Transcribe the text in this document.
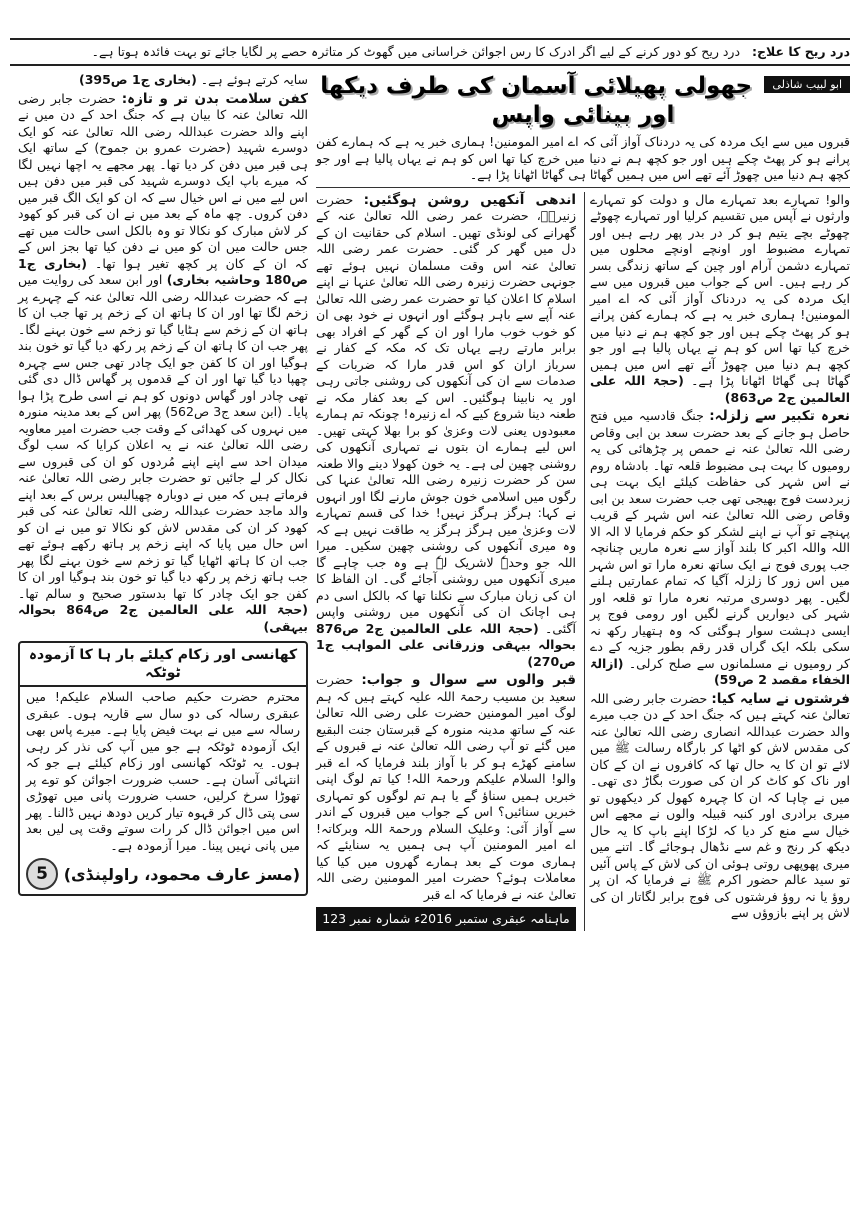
درد ریح کا علاج: درد ریح کو دور کرنے کے لیے اگر ادرک کا رس اجوائن خراسانی میں گھوٹ کر متاثرہ حصے پر لگایا جائے تو بہت فائدہ ہوتا ہے۔

سایہ کرتے ہوئے ہے۔ (بخاری ج1 ص395)

کفن سلامت بدن تر و تازہ: حضرت جابر رضی اللہ تعالیٰ عنہ کا بیان ہے کہ جنگ احد کے دن میں نے اپنے والد حضرت عبداللہ رضی اللہ تعالیٰ عنہ کو ایک دوسرے شہید (حضرت عمرو بن جموح) کے ساتھ ایک ہی قبر میں دفن کر دیا تھا۔ پھر مجھے یہ اچھا نہیں لگا کہ میرے باپ ایک دوسرے شہید کی قبر میں دفن ہیں اس لیے میں نے اس خیال سے کہ ان کو ایک الگ قبر میں دفن کروں۔ چھ ماہ کے بعد میں نے ان کی قبر کو کھود کر لاش مبارک کو نکالا تو وہ بالکل اسی حالت میں تھے جس حالت میں ان کو میں نے دفن کیا تھا بجز اس کے کہ ان کے کان پر کچھ تغیر ہوا تھا۔ (بخاری ج1 ص180 وحاشیہ بخاری) اور ابن سعد کی روایت میں ہے کہ حضرت عبداللہ رضی اللہ تعالیٰ عنہ کے چہرے پر زخم لگا تھا اور ان کا ہاتھ ان کے زخم پر تھا جب ان کا ہاتھ ان کے زخم سے ہٹایا گیا تو زخم سے خون بہنے لگا۔ پھر جب ان کا ہاتھ ان کے زخم پر رکھ دیا گیا تو خون بند ہوگیا اور ان کا کفن جو ایک چادر تھی جس سے چہرہ چھپا دیا گیا تھا اور ان کے قدموں پر گھاس ڈال دی گئی تھی چادر اور گھاس دونوں کو ہم نے اسی طرح پڑا ہوا پایا۔ (ابن سعد ج3 ص562) پھر اس کے بعد مدینہ منورہ میں نہروں کی کھدائی کے وقت جب حضرت امیر معاویہ رضی اللہ تعالیٰ عنہ نے یہ اعلان کرایا کہ سب لوگ میدان احد سے اپنے اپنے مُردوں کو ان کی قبروں سے نکال کر لے جائیں تو حضرت جابر رضی اللہ تعالیٰ عنہ فرماتے ہیں کہ میں نے دوبارہ چھیالیس برس کے بعد اپنے والد ماجد حضرت عبداللہ رضی اللہ تعالیٰ عنہ کی قبر کھود کر ان کی مقدس لاش کو نکالا تو میں نے ان کو اس حال میں پایا کہ اپنے زخم پر ہاتھ رکھے ہوئے تھے جب ان کا ہاتھ اٹھایا گیا تو زخم سے خون بہنے لگا پھر جب ہاتھ زخم پر رکھ دیا گیا تو خون بند ہوگیا اور ان کا کفن جو ایک چادر کا تھا بدستور صحیح و سالم تھا۔ (حجۃ اللہ علی العالمین ج2 ص864 بحوالہ بیہقی)

کھانسی اور زکام کیلئے بار ہا کا آزمودہ ٹوٹکہ
محترم حضرت حکیم صاحب السلام علیکم! میں عبقری رسالہ کی دو سال سے قاریہ ہوں۔ عبقری رسالہ سے میں نے بہت فیض پایا ہے۔ میرے پاس بھی ایک آزمودہ ٹوٹکہ ہے جو میں آپ کی نذر کر رہی ہوں۔ یہ ٹوٹکہ کھانسی اور زکام کیلئے ہے جو کہ انتہائی آسان ہے۔ حسب ضرورت اجوائن کو توے پر تھوڑا سرخ کرلیں، حسب ضرورت پانی میں تھوڑی سی پتی ڈال کر قہوہ تیار کریں دودھ نہیں ڈالنا۔ پھر اس میں اجوائن ڈال کر رات سوتے وقت پی لیں بعد میں پانی نہیں پینا۔ میرا آزمودہ ہے۔
(مسز عارف محمود، راولپنڈی)
5
ابو لبیب شاذلی
جھولی پھیلائی آسمان کی طرف دیکھا اور بینائی واپس
قبروں میں سے ایک مردہ کی یہ دردناک آواز آئی کہ اے امیر المومنین! ہماری خبر یہ ہے کہ ہمارے کفن پرانے ہو کر پھٹ چکے ہیں اور جو کچھ ہم نے دنیا میں خرچ کیا تھا اس کو ہم نے یہاں پالیا ہے اور جو کچھ ہم دنیا میں چھوڑ آئے تھے اس میں ہمیں گھاٹا ہی گھاٹا اٹھانا پڑا ہے۔

اندھی آنکھیں روشن ہوگئیں: حضرت زنیرہؓ، حضرت عمر رضی اللہ تعالیٰ عنہ کے گھرانے کی لونڈی تھیں۔ اسلام کی حقانیت ان کے دل میں گھر کر گئی۔ حضرت عمر رضی اللہ تعالیٰ عنہ اس وقت مسلمان نہیں ہوئے تھے جونہی حضرت زنیرہ رضی اللہ تعالیٰ عنہا نے اپنے اسلام کا اعلان کیا تو حضرت عمر رضی اللہ تعالیٰ عنہ آپے سے باہر ہوگئے اور انہوں نے خود بھی ان کو خوب خوب مارا اور ان کے گھر کے افراد بھی برابر مارتے رہے یہاں تک کہ مکہ کے کفار نے سرباز اران کو اس قدر مارا کہ ضربات کے صدمات سے ان کی آنکھوں کی روشنی جاتی رہی اور یہ نابینا ہوگئیں۔ اس کے بعد کفار مکہ نے طعنہ دینا شروع کیے کہ اے زنیرہ! چونکہ تم ہمارے معبودوں یعنی لات وعزیٰ کو برا بھلا کہتی تھیں۔ اس لیے ہمارے ان بتوں نے تمہاری آنکھوں کی روشنی چھین لی ہے۔ یہ خون کھولا دینے والا طعنہ سن کر حضرت زنیرہ رضی اللہ تعالیٰ عنہا کی رگوں میں اسلامی خون جوش مارنے لگا اور انہوں نے کہا: ہرگز ہرگز نہیں! خدا کی قسم تمہارے لات وعزیٰ میں ہرگز ہرگز یہ طاقت نہیں ہے کہ وہ میری آنکھوں کی روشنی چھین سکیں۔ میرا اللہ جو وحدہٗ لاشریک لہٗ ہے وہ جب چاہے گا میری آنکھوں میں روشنی آجائے گی۔ ان الفاظ کا ان کی زبان مبارک سے نکلنا تھا کہ بالکل اسی دم ہی اچانک ان کی آنکھوں میں روشنی واپس آگئی۔ (حجۃ اللہ علی العالمین ج2 ص876 بحوالہ بیہقی وزرقانی علی المواہب ج1 ص270)

قبر والوں سے سوال و جواب: حضرت سعید بن مسیب رحمۃ اللہ علیہ کہتے ہیں کہ ہم لوگ امیر المومنین حضرت علی رضی اللہ تعالیٰ عنہ کے ساتھ مدینہ منورہ کے قبرستان جنت البقیع میں گئے تو آپ رضی اللہ تعالیٰ عنہ نے قبروں کے سامنے کھڑے ہو کر با آواز بلند فرمایا کہ اے قبر والو! السلام علیکم ورحمۃ اللہ! کیا تم لوگ اپنی خبریں ہمیں سناؤ گے یا ہم تم لوگوں کو تمہاری خبریں سنائیں؟ اس کے جواب میں قبروں کے اندر سے آواز آئی: وعلیک السلام ورحمۃ اللہ وبرکاتہ! اے امیر المومنین آپ ہی ہمیں یہ سنایئے کہ ہماری موت کے بعد ہمارے گھروں میں کیا کیا معاملات ہوئے؟ حضرت امیر المومنین رضی اللہ تعالیٰ عنہ نے فرمایا کہ اے قبر

ماہنامہ عبقری ستمبر 2016ء شمارہ نمبر 123

والو! تمہارے بعد تمہارے مال و دولت کو تمہارے وارثوں نے آپس میں تقسیم کرلیا اور تمہارے چھوٹے چھوٹے بچے یتیم ہو کر در بدر پھر رہے ہیں اور تمہارے مضبوط اور اونچے اونچے محلوں میں تمہارے دشمن آرام اور چین کے ساتھ زندگی بسر کر رہے ہیں۔ اس کے جواب میں قبروں میں سے ایک مردہ کی یہ دردناک آواز آئی کہ اے امیر المومنین! ہماری خبر یہ ہے کہ ہمارے کفن پرانے ہو کر پھٹ چکے ہیں اور جو کچھ ہم نے دنیا میں خرچ کیا تھا اس کو ہم نے یہاں پالیا ہے اور جو کچھ ہم دنیا میں چھوڑ آئے تھے اس میں ہمیں گھاٹا ہی گھاٹا اٹھانا پڑا ہے۔ (حجۃ اللہ علی العالمین ج2 ص863)

نعرہ تکبیر سے زلزلہ: جنگ قادسیہ میں فتح حاصل ہو جانے کے بعد حضرت سعد بن ابی وقاص رضی اللہ تعالیٰ عنہ نے حمص پر چڑھائی کی یہ رومیوں کا بہت ہی مضبوط قلعہ تھا۔ بادشاہ روم نے اس شہر کی حفاظت کیلئے ایک بہت ہی زبردست فوج بھیجی تھی جب حضرت سعد بن ابی وقاص رضی اللہ تعالیٰ عنہ اس شہر کے قریب پہنچے تو آپ نے اپنے لشکر کو حکم فرمایا لا الہ الا اللہ واللہ اکبر کا بلند آواز سے نعرہ ماریں چنانچہ جب پوری فوج نے ایک ساتھ نعرہ مارا تو اس شہر میں اس زور کا زلزلہ آگیا کہ تمام عمارتیں ہلنے لگیں۔ پھر دوسری مرتبہ نعرہ مارا تو قلعہ اور شہر کی دیواریں گرنے لگیں اور رومی فوج پر ایسی دہشت سوار ہوگئی کہ وہ ہتھیار رکھ نہ سکی بلکہ ایک گراں قدر رقم بطور جزیہ کے دے کر رومیوں نے مسلمانوں سے صلح کرلی۔ (ازالۃ الخفاء مقصد 2 ص59)

فرشتوں نے سایہ کیا: حضرت جابر رضی اللہ تعالیٰ عنہ کہتے ہیں کہ جنگ احد کے دن جب میرے والد حضرت عبداللہ انصاری رضی اللہ تعالیٰ عنہ کی مقدس لاش کو اٹھا کر بارگاہ رسالت ﷺ میں لائے تو ان کا یہ حال تھا کہ کافروں نے ان کے کان اور ناک کو کاٹ کر ان کی صورت بگاڑ دی تھی۔ میں نے چاہا کہ ان کا چہرہ کھول کر دیکھوں تو میری برادری اور کنبہ قبیلہ والوں نے مجھے اس خیال سے منع کر دیا کہ لڑکا اپنے باپ کا یہ حال دیکھ کر رنج و غم سے نڈھال ہوجائے گا۔ اتنے میں میری پھوپھی روتی ہوئی ان کی لاش کے پاس آئیں تو سید عالم حضور اکرم ﷺ نے فرمایا کہ ان پر روؤ یا نہ روؤ فرشتوں کی فوج برابر لگاتار ان کی لاش پر اپنے بازوؤں سے
